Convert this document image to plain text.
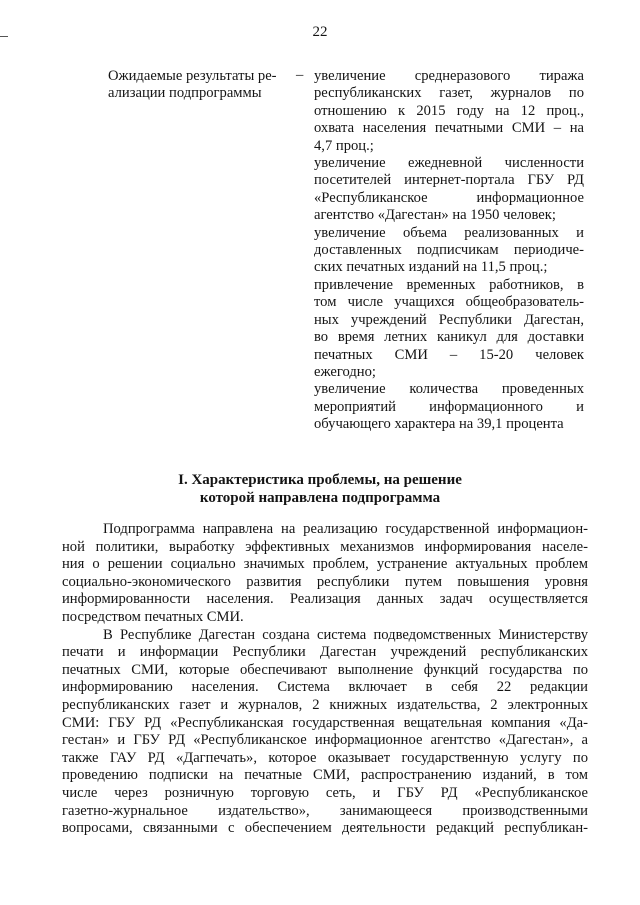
22
Ожидаемые результаты ре-
ализации подпрограммы
– увеличение среднеразового тиража
республиканских газет, журналов по
отношению к 2015 году на 12 проц.,
охвата населения печатными СМИ – на
4,7 проц.;

увеличение ежедневной численности
посетителей интернет-портала ГБУ РД
«Республиканское информационное
агентство «Дагестан» на 1950 человек;

увеличение объема реализованных и
доставленных подписчикам периодиче-
ских печатных изданий на 11,5 проц.;

привлечение временных работников, в
том числе учащихся общеобразователь-
ных учреждений Республики Дагестан,
во время летних каникул для доставки
печатных СМИ – 15-20 человек
ежегодно;

увеличение количества проведенных
мероприятий информационного и
обучающего характера на 39,1 процента

I. Характеристика проблемы, на решение
которой направлена подпрограмма

Подпрограмма направлена на реализацию государственной информацион-
ной политики, выработку эффективных механизмов информирования населе-
ния о решении социально значимых проблем, устранение актуальных проблем
социально-экономического развития республики путем повышения уровня
информированности населения. Реализация данных задач осуществляется
посредством печатных СМИ.

В Республике Дагестан создана система подведомственных Министерству
печати и информации Республики Дагестан учреждений республиканских
печатных СМИ, которые обеспечивают выполнение функций государства по
информированию населения. Система включает в себя 22 редакции
республиканских газет и журналов, 2 книжных издательства, 2 электронных
СМИ: ГБУ РД «Республиканская государственная вещательная компания «Да-
гестан» и ГБУ РД «Республиканское информационное агентство «Дагестан», а
также ГАУ РД «Дагпечать», которое оказывает государственную услугу по
проведению подписки на печатные СМИ, распространению изданий, в том
числе через розничную торговую сеть, и ГБУ РД «Республиканское
газетно-журнальное издательство», занимающееся производственными
вопросами, связанными с обеспечением деятельности редакций республикан-
